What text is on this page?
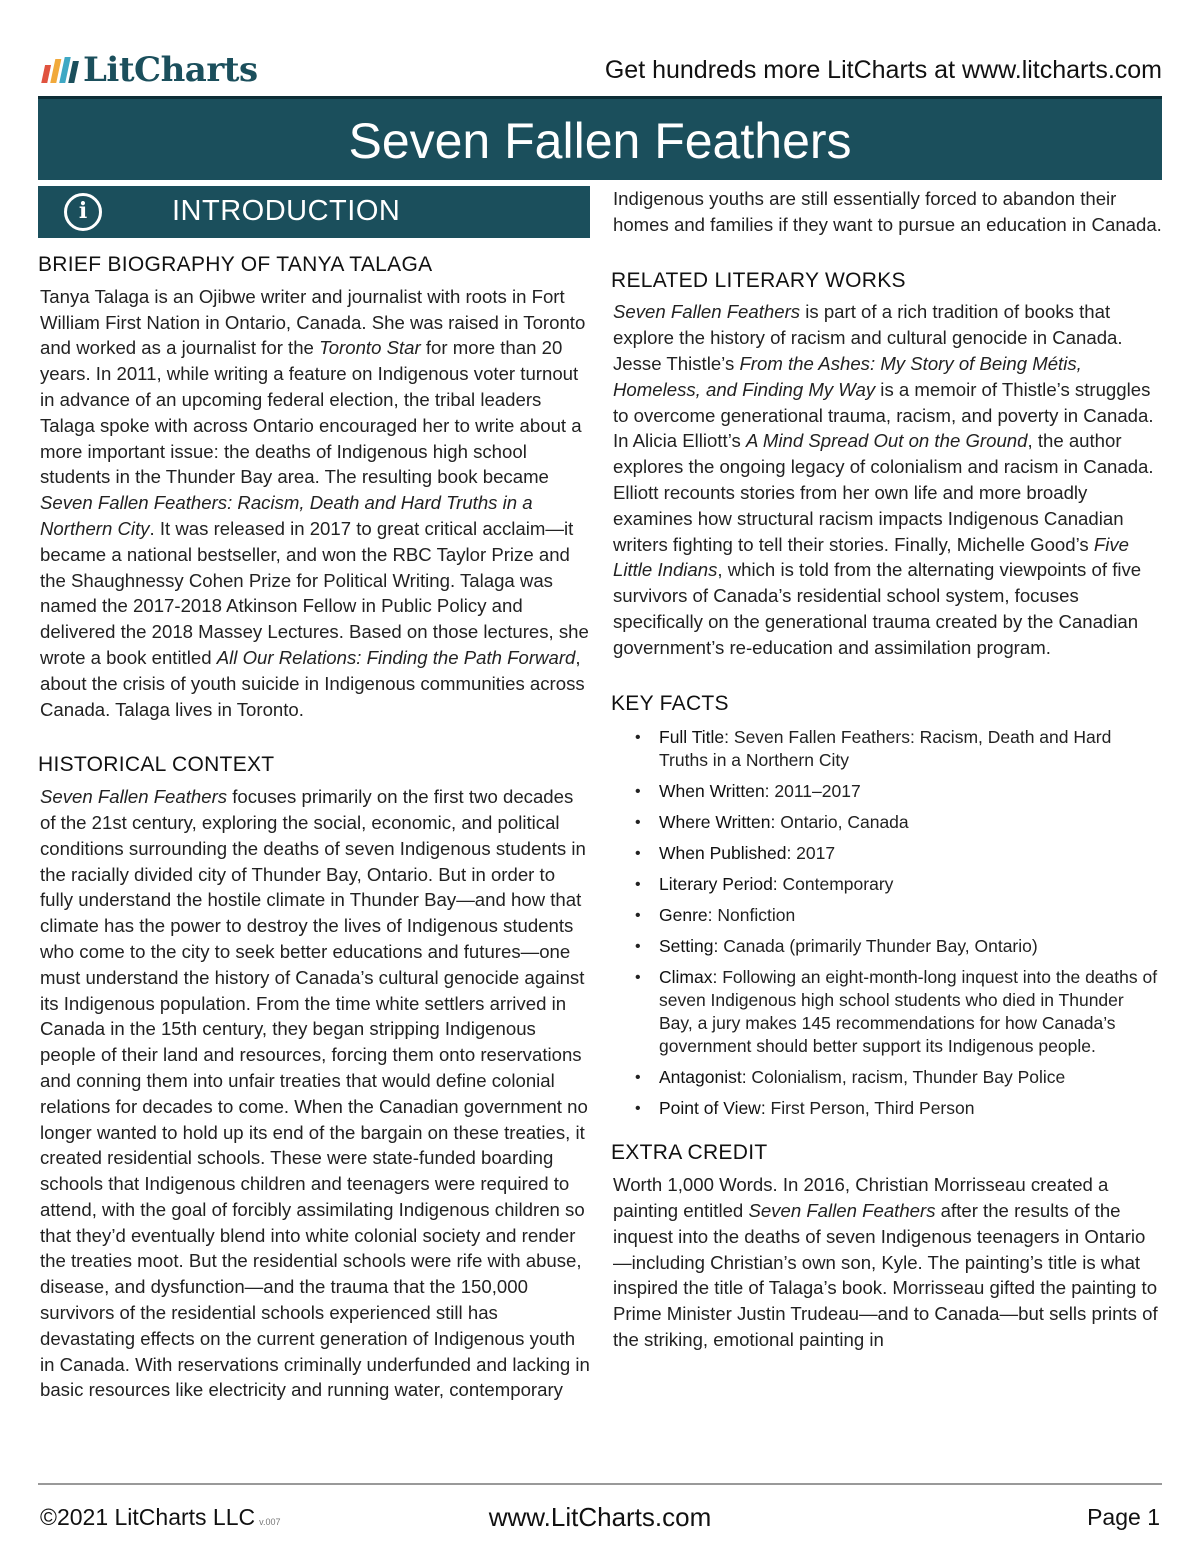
LitCharts	Get hundreds more LitCharts at www.litcharts.com
Seven Fallen Feathers
i	INTRODUCTION
BRIEF BIOGRAPHY OF TANYA TALAGA

Tanya Talaga is an Ojibwe writer and journalist with roots in Fort William First Nation in Ontario, Canada. She was raised in Toronto and worked as a journalist for the Toronto Star for more than 20 years. In 2011, while writing a feature on Indigenous voter turnout in advance of an upcoming federal election, the tribal leaders Talaga spoke with across Ontario encouraged her to write about a more important issue: the deaths of Indigenous high school students in the Thunder Bay area. The resulting book became Seven Fallen Feathers: Racism, Death and Hard Truths in a Northern City. It was released in 2017 to great critical acclaim—it became a national bestseller, and won the RBC Taylor Prize and the Shaughnessy Cohen Prize for Political Writing. Talaga was named the 2017-2018 Atkinson Fellow in Public Policy and delivered the 2018 Massey Lectures. Based on those lectures, she wrote a book entitled All Our Relations: Finding the Path Forward, about the crisis of youth suicide in Indigenous communities across Canada. Talaga lives in Toronto.

HISTORICAL CONTEXT

Seven Fallen Feathers focuses primarily on the first two decades of the 21st century, exploring the social, economic, and political conditions surrounding the deaths of seven Indigenous students in the racially divided city of Thunder Bay, Ontario. But in order to fully understand the hostile climate in Thunder Bay—and how that climate has the power to destroy the lives of Indigenous students who come to the city to seek better educations and futures—one must understand the history of Canada’s cultural genocide against its Indigenous population. From the time white settlers arrived in Canada in the 15th century, they began stripping Indigenous people of their land and resources, forcing them onto reservations and conning them into unfair treaties that would define colonial relations for decades to come. When the Canadian government no longer wanted to hold up its end of the bargain on these treaties, it created residential schools. These were state-funded boarding schools that Indigenous children and teenagers were required to attend, with the goal of forcibly assimilating Indigenous children so that they’d eventually blend into white colonial society and render the treaties moot. But the residential schools were rife with abuse, disease, and dysfunction—and the trauma that the 150,000 survivors of the residential schools experienced still has devastating effects on the current generation of Indigenous youth in Canada. With reservations criminally underfunded and lacking in basic resources like electricity and running water, contemporary

Indigenous youths are still essentially forced to abandon their homes and families if they want to pursue an education in Canada.

RELATED LITERARY WORKS

Seven Fallen Feathers is part of a rich tradition of books that explore the history of racism and cultural genocide in Canada. Jesse Thistle’s From the Ashes: My Story of Being Métis, Homeless, and Finding My Way is a memoir of Thistle’s struggles to overcome generational trauma, racism, and poverty in Canada. In Alicia Elliott’s A Mind Spread Out on the Ground, the author explores the ongoing legacy of colonialism and racism in Canada. Elliott recounts stories from her own life and more broadly examines how structural racism impacts Indigenous Canadian writers fighting to tell their stories. Finally, Michelle Good’s Five Little Indians, which is told from the alternating viewpoints of five survivors of Canada’s residential school system, focuses specifically on the generational trauma created by the Canadian government’s re-education and assimilation program.

KEY FACTS
• Full Title: Seven Fallen Feathers: Racism, Death and Hard Truths in a Northern City
• When Written: 2011–2017
• Where Written: Ontario, Canada
• When Published: 2017
• Literary Period: Contemporary
• Genre: Nonfiction
• Setting: Canada (primarily Thunder Bay, Ontario)
• Climax: Following an eight-month-long inquest into the deaths of seven Indigenous high school students who died in Thunder Bay, a jury makes 145 recommendations for how Canada’s government should better support its Indigenous people.
• Antagonist: Colonialism, racism, Thunder Bay Police
• Point of View: First Person, Third Person
EXTRA CREDIT

Worth 1,000 Words. In 2016, Christian Morrisseau created a painting entitled Seven Fallen Feathers after the results of the inquest into the deaths of seven Indigenous teenagers in Ontario—including Christian’s own son, Kyle. The painting’s title is what inspired the title of Talaga’s book. Morrisseau gifted the painting to Prime Minister Justin Trudeau—and to Canada—but sells prints of the striking, emotional painting in

©2021 LitCharts LLC v.007	www.LitCharts.com	Page 1
